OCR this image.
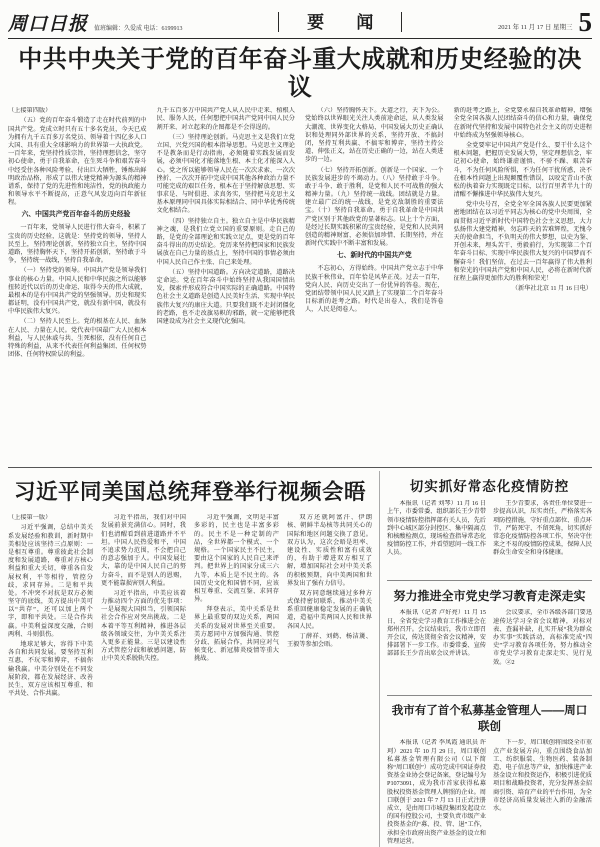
周口日报 值班编辑：久爱成 电话：6199913	要 闻	2021 年 11 月 17 日 星期三 5
中共中央关于党的百年奋斗重大成就和历史经验的决议

（上接第四版）

（五）党的百年奋斗锻造了走在时代前列的中国共产党。党成立时只有五十多名党员，今天已成为拥有九千五百多万名党员、领导着十四亿多人口大国、具有重大全球影响力的世界第一大执政党。一百年来，党坚持性质宗旨，坚持理想信念，坚守初心使命，勇于自我革命，在生死斗争和艰苦奋斗中经受住各种风险考验、付出巨大牺牲，锤炼出鲜明政治品格，形成了以伟大建党精神为源头的精神谱系，保持了党的先进性和纯洁性，党的执政能力和领导水平不断提高，正意气风发迈向百年新征程。

六、中国共产党百年奋斗的历史经验

一百年来，党领导人民进行伟大奋斗，积累了宝贵的历史经验，这就是：坚持党的领导，坚持人民至上，坚持理论创新，坚持独立自主，坚持中国道路，坚持胸怀天下，坚持开拓创新，坚持敢于斗争，坚持统一战线，坚持自我革命。

（一）坚持党的领导。中国共产党是领导我们事业的核心力量。中国人民和中华民族之所以能够扭转近代以后的历史命运、取得今天的伟大成就，最根本的是有中国共产党的坚强领导。历史和现实都证明，没有中国共产党，就没有新中国，就没有中华民族伟大复兴。

（二）坚持人民至上。党的根基在人民、血脉在人民、力量在人民。党代表中国最广大人民根本利益，与人民休戚与共、生死相依，没有任何自己特殊的利益，从来不代表任何利益集团、任何权势团体、任何特权阶层的利益。

九千五百多万中国共产党人从人民中走来、植根人民、服务人民，任何想把中国共产党同中国人民分割开来、对立起来的企图都是不会得逞的。

（三）坚持理论创新。马克思主义是我们立党立国、兴党兴国的根本指导思想。马克思主义理论不是教条而是行动指南，必须随着实践发展而发展，必须中国化才能落地生根、本土化才能深入人心。党之所以能够领导人民在一次次求索、一次次挫折、一次次开拓中完成中国其他各种政治力量不可能完成的艰巨任务，根本在于坚持解放思想、实事求是、与时俱进、求真务实，坚持把马克思主义基本原理同中国具体实际相结合、同中华优秀传统文化相结合。

（四）坚持独立自主。独立自主是中华民族精神之魂，是我们立党立国的重要原则。走自己的路，是党的全部理论和实践立足点，更是党的百年奋斗得出的历史结论。党历来坚持把国家和民族发展放在自己力量的基点上，坚持中国的事情必须由中国人民自己作主张、自己来处理。

（五）坚持中国道路。方向决定道路，道路决定命运。党在百年奋斗中始终坚持从我国国情出发，探索并形成符合中国实际的正确道路。中国特色社会主义道路是创造人民美好生活、实现中华民族伟大复兴的康庄大道。只要我们既不走封闭僵化的老路，也不走改旗易帜的邪路，就一定能够把我国建设成为社会主义现代化强国。

（六）坚持胸怀天下。大道之行，天下为公。党始终以世界眼光关注人类前途命运，从人类发展大潮流、世界变化大格局、中国发展大历史正确认识和处理同外部世界的关系，坚持开放、不搞封闭，坚持互利共赢、不搞零和博弈，坚持主持公道、伸张正义，站在历史正确的一边，站在人类进步的一边。

（七）坚持开拓创新。创新是一个国家、一个民族发展进步的不竭动力。（八）坚持敢于斗争。敢于斗争、敢于胜利，是党和人民不可战胜的强大精神力量。（九）坚持统一战线。团结就是力量。建立最广泛的统一战线，是党克敌制胜的重要法宝。（十）坚持自我革命。勇于自我革命是中国共产党区别于其他政党的显著标志。以上十个方面，是经过长期实践积累的宝贵经验，是党和人民共同创造的精神财富，必须倍加珍惜、长期坚持，并在新时代实践中不断丰富和发展。

七、新时代的中国共产党

不忘初心，方得始终。中国共产党立志于中华民族千秋伟业，百年恰是风华正茂。过去一百年，党向人民、向历史交出了一份优异的答卷。现在，党团结带领中国人民又踏上了实现第二个百年奋斗目标新的赶考之路。时代是出卷人，我们是答卷人，人民是阅卷人。

新的赶考之路上，全党要永葆自我革命精神，增强全党全国各族人民团结奋斗的信心和力量，确保党在新时代坚持和发展中国特色社会主义的历史进程中始终成为坚强领导核心。

全党要牢记中国共产党是什么、要干什么这个根本问题，把握历史发展大势，坚定理想信念，牢记初心使命，始终谦虚谨慎、不骄不躁、艰苦奋斗，不为任何风险所惧，不为任何干扰所惑，决不在根本性问题上出现颠覆性错误，以咬定青山不放松的执着奋力实现既定目标，以行百里者半九十的清醒不懈推进中华民族伟大复兴。

党中央号召，全党全军全国各族人民要更加紧密地团结在以习近平同志为核心的党中央周围，全面贯彻习近平新时代中国特色社会主义思想，大力弘扬伟大建党精神，勿忘昨天的苦难辉煌，无愧今天的使命担当，不负明天的伟大梦想，以史为鉴、开创未来，埋头苦干、勇毅前行，为实现第二个百年奋斗目标、实现中华民族伟大复兴的中国梦而不懈奋斗！我们坚信，在过去一百年赢得了伟大胜利和荣光的中国共产党和中国人民，必将在新时代新征程上赢得更加伟大的胜利和荣光！

（新华社北京 11 月 16 日电）

习近平同美国总统拜登举行视频会晤

（上接第一版）

习近平强调，总结中美关系发展经验和教训，新时期中美相处应该坚持三点原则：一是相互尊重。尊重彼此社会制度和发展道路，尊重对方核心利益和重大关切，尊重各自发展权利，平等相待，管控分歧，求同存异。二是和平共处。不冲突不对抗是双方必须坚守的底线，美方提出中美可以“共存”，还可以加上两个字，即和平共处。三是合作共赢。中美利益深度交融，合则两利、斗则俱伤。

地球足够大，容得下中美各自和共同发展。要坚持互利互惠，不玩零和博弈，不搞你输我赢。中美分别处在不同发展阶段，都在发展经济、改善民生，双方应该相互尊重、和平共处、合作共赢。

习近平指出，我们对中国发展前景充满信心。同时，我们也清醒看到前进道路并不平坦。中国人民热爱和平，中国不追求势力范围，不会把自己的意志强加于人。中国发展壮大，靠的是中国人民自己的努力奋斗，而不是别人的恩赐，更不能靠损害别人利益。

习近平指出，中美应该着力推动四个方面的优先事项：一是展现大国担当，引领国际社会合作应对突出挑战。二是本着平等互利精神，推进各层级各领域交往，为中美关系注入更多正能量。三是以建设性方式管控分歧和敏感问题，防止中美关系脱轨失控。

习近平强调，文明是丰富多彩的，民主也是丰富多彩的。民主不是一种定制的产品，全世界都一个模式、一个规格。一个国家民主不民主，要由这个国家的人民自己来评判。把世界上的国家分成三六九等，本质上是不民主的。各国历史文化和国情不同，应该相互尊重、交流互鉴、求同存异。

拜登表示，美中关系是世界上最重要的双边关系，两国关系的发展对世界至关重要。美方愿同中方加强沟通、管控分歧、拓展合作，共同应对气候变化、新冠肺炎疫情等重大挑战。

双方还就阿富汗、伊朗核、朝鲜半岛核等共同关心的国际和地区问题交换了意见。双方认为，这次会晤是坦率、建设性、实质性和富有成效的，有助于增进双方相互了解，增加国际社会对中美关系的积极预期，向中美两国和世界发出了强有力信号。

双方同意继续通过多种方式保持密切联系，推动中美关系重回健康稳定发展的正确轨道，造福中美两国人民和世界各国人民。

丁薛祥、刘鹤、杨洁篪、王毅等参加会晤。

切实抓好常态化疫情防控

本报讯（记者 刘琴）11 月 16 日上午，市委常委、组织部长王少青带领市疫情防控指挥部有关人员，先后到中心城区部分封控区、集中隔离点和核酸检测点，现场检查指导常态化疫情防控工作，并看望慰问一线工作人员。

王少青要求，各责任单位要进一步提高认识，压实责任，严格落实各项防控措施，守好重点部位、重点环节，严防死守、不留死角，切实抓好常态化疫情防控各项工作，坚决守住来之不易的疫情防控成果，保障人民群众生命安全和身体健康。

努力推进全市党史学习教育走深走实

本报讯（记者 卢好亮）11 月 15 日，全省党史学习教育工作推进会在郑州召开。会议结束后，我市立即召开会议，传达贯彻全省会议精神，安排部署下一步工作。市委常委、宣传部部长王少青出席会议并讲话。

会议要求，全市各级各部门要迅速传达学习全省会议精神，对标对表、查漏补缺，扎实开展“我为群众办实事”实践活动，高标准完成“四史”学习教育各项任务，努力推动全市党史学习教育走深走实、见行见效。②2

我市有了首个私募基金管理人——周口联创

本报讯（记者 李凤霞 通讯员 许珂）2021 年 10 月 29 日，周口联创私募基金管理有限公司（以下简称“周口联创”）成功完成中国证券投资基金业协会登记备案，登记编号为 P1073091，成为我市首家获得私募股权投资基金管理人牌照的企业。周口联创于 2021 年 7 月 13 日正式注册成立，是由周口市城投集团发起设立的国有控股公司，主要负责市级产业投资基金的“募、投、管、退”工作，承担全市政府出资产业基金的设立和管理运营。

下一步，周口联创将围绕全市重点产业发展方向，重点围绕食品加工、纺织服装、生物医药、装备制造、电子信息等产业，加快推进产业基金设立和投资运作，积极引进优质项目和战略投资者，充分发挥基金招商引资、培育产业的平台作用，为全市经济高质量发展注入新的金融活水。
